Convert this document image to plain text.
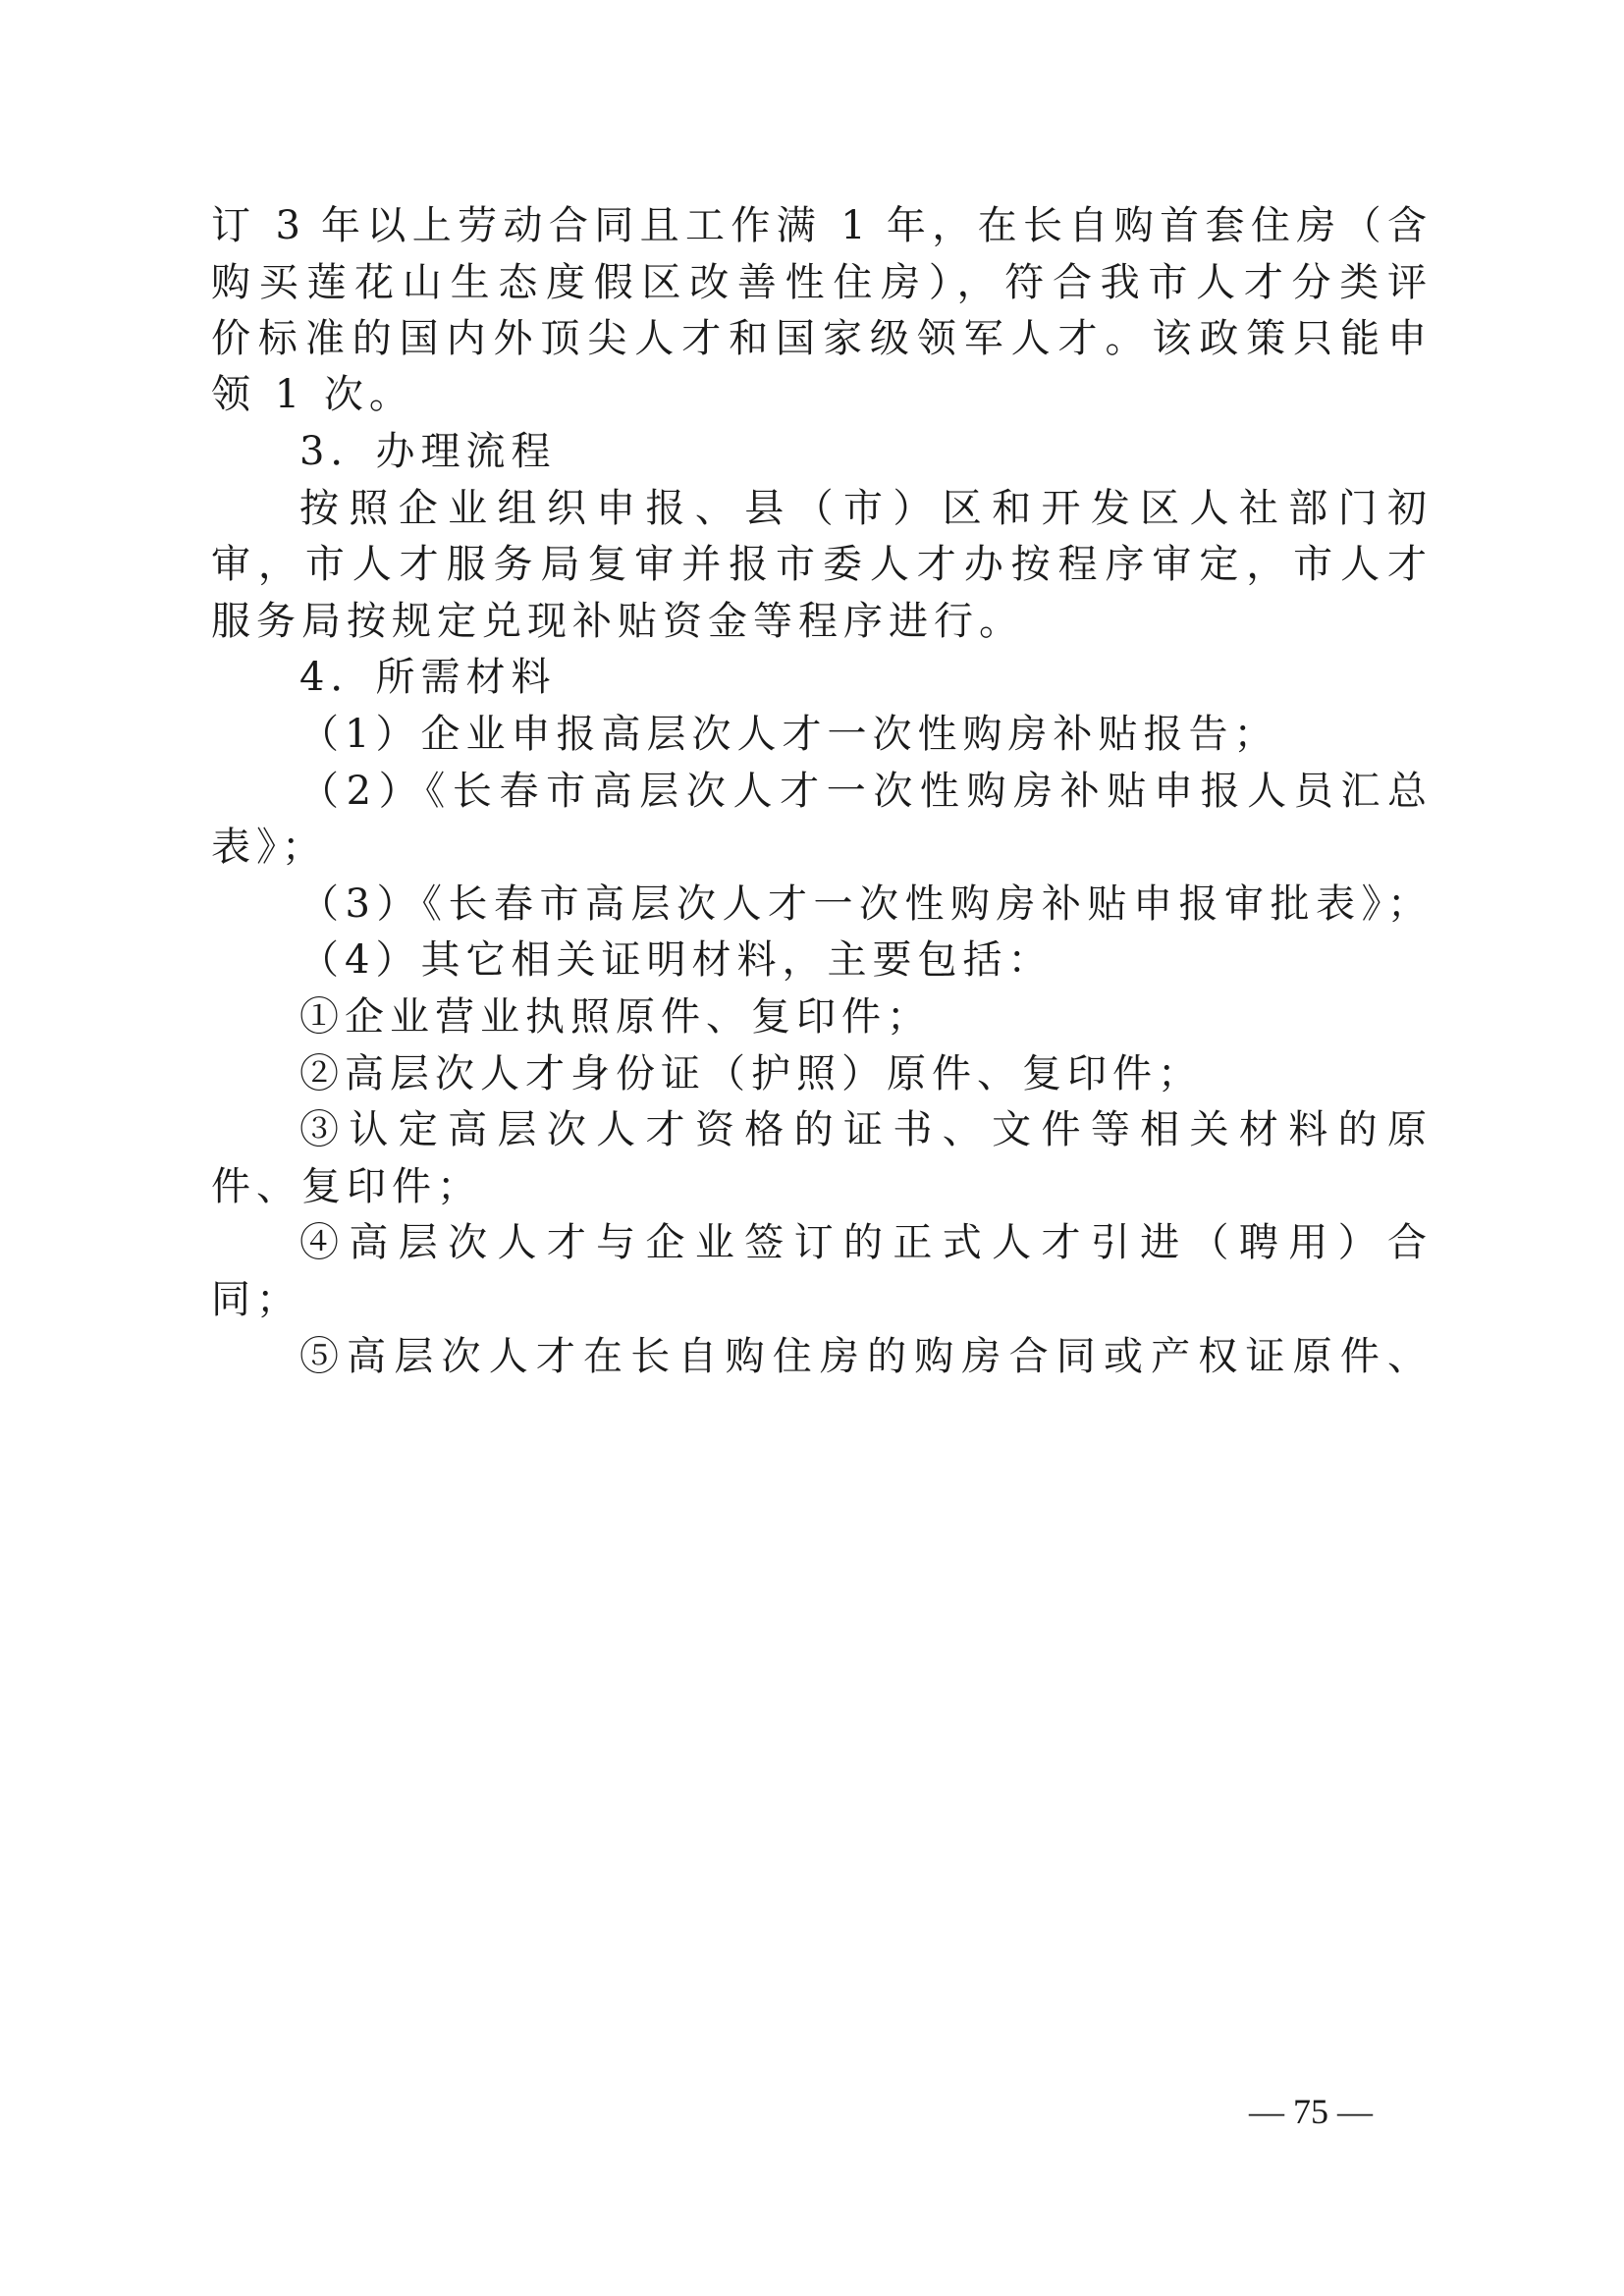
订 3 年以上劳动合同且工作满 1 年，在长自购首套住房（含

购买莲花山生态度假区改善性住房），符合我市人才分类评

价标准的国内外顶尖人才和国家级领军人才。该政策只能申

领 1 次。

3．办理流程

按照企业组织申报、县（市）区和开发区人社部门初

审，市人才服务局复审并报市委人才办按程序审定，市人才

服务局按规定兑现补贴资金等程序进行。

4．所需材料

（1）企业申报高层次人才一次性购房补贴报告；

（2）《长春市高层次人才一次性购房补贴申报人员汇总

表》；

（3）《长春市高层次人才一次性购房补贴申报审批表》；

（4）其它相关证明材料，主要包括：

①企业营业执照原件、复印件；

②高层次人才身份证（护照）原件、复印件；

③认定高层次人才资格的证书、文件等相关材料的原

件、复印件；

④高层次人才与企业签订的正式人才引进（聘用）合

同；

⑤高层次人才在长自购住房的购房合同或产权证原件、

— 75 —
